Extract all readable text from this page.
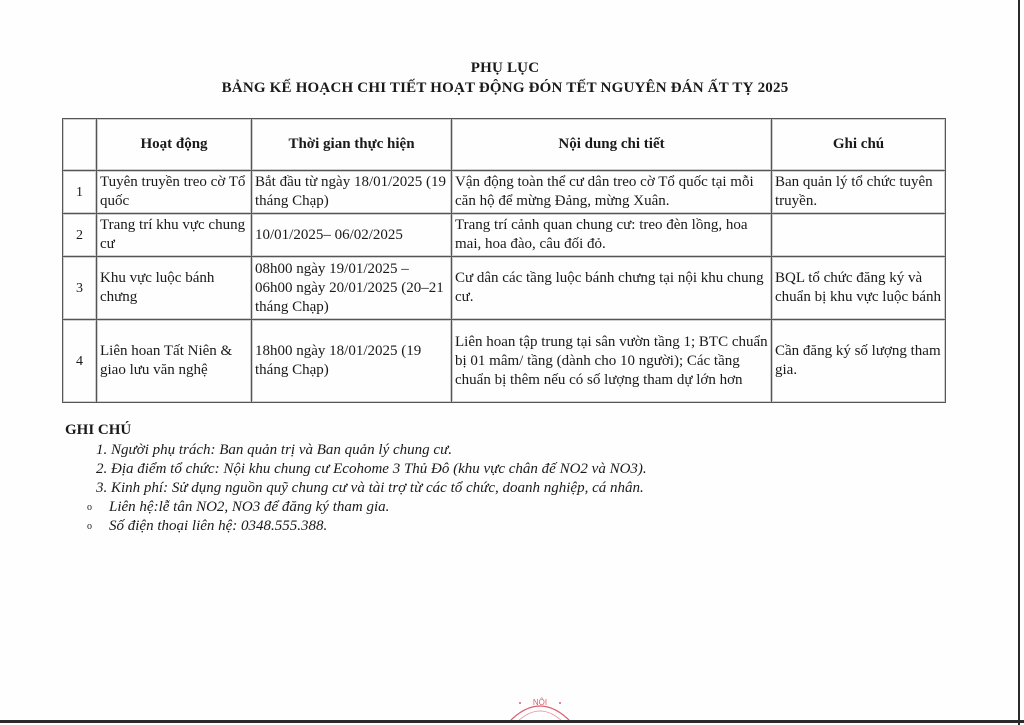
PHỤ LỤC
BẢNG KẾ HOẠCH CHI TIẾT HOẠT ĐỘNG ĐÓN TẾT NGUYÊN ĐÁN ẤT TỴ 2025
	Hoạt động	Thời gian thực hiện	Nội dung chi tiết	Ghi chú
1	Tuyên truyền treo cờ Tổ quốc	Bắt đầu từ ngày 18/01/2025 (19 tháng Chạp)	Vận động toàn thể cư dân treo cờ Tổ quốc tại mỗi căn hộ để mừng Đảng, mừng Xuân.	Ban quản lý tổ chức tuyên truyền.
2	Trang trí khu vực chung cư	10/01/2025– 06/02/2025	Trang trí cảnh quan chung cư: treo đèn lồng, hoa mai, hoa đào, câu đối đỏ.	
3	Khu vực luộc bánh chưng	08h00 ngày 19/01/2025 – 06h00 ngày 20/01/2025 (20–21 tháng Chạp)	Cư dân các tầng luộc bánh chưng tại nội khu chung cư.	BQL tổ chức đăng ký và chuẩn bị khu vực luộc bánh
4	Liên hoan Tất Niên & giao lưu văn nghệ	18h00 ngày 18/01/2025 (19 tháng Chạp)	Liên hoan tập trung tại sân vườn tầng 1; BTC chuẩn bị 01 mâm/ tầng (dành cho 10 người); Các tầng chuẩn bị thêm nếu có số lượng tham dự lớn hơn	Cần đăng ký số lượng tham gia.
GHI CHÚ
1. Người phụ trách: Ban quản trị và Ban quản lý chung cư.
2. Địa điểm tổ chức: Nội khu chung cư Ecohome 3 Thủ Đô (khu vực chân đế NO2 và NO3).
3. Kinh phí: Sử dụng nguồn quỹ chung cư và tài trợ từ các tổ chức, doanh nghiệp, cá nhân.
o Liên hệ:lễ tân NO2, NO3 để đăng ký tham gia.
o Số điện thoại liên hệ: 0348.555.388.
NỘI
